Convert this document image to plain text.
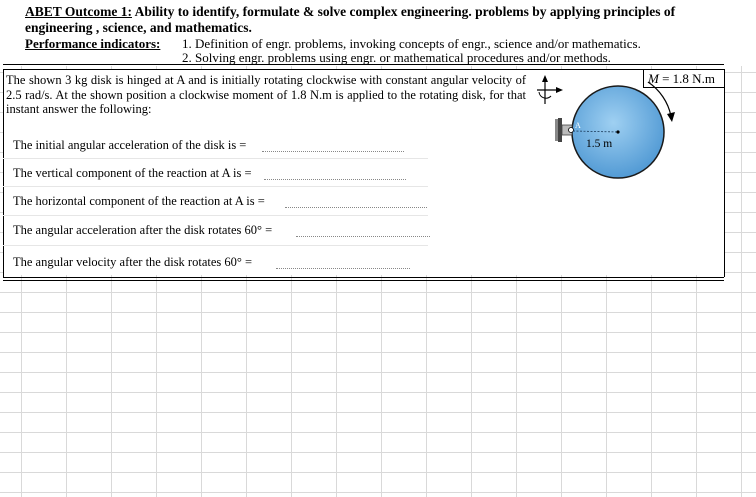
ABET Outcome 1: Ability to identify, formulate & solve complex engineering. problems by applying principles of
engineering , science, and mathematics.
Performance indicators: 1. Definition of engr. problems, invoking concepts of engr., science and/or mathematics.
2. Solving engr. problems using engr. or mathematical procedures and/or methods.
The shown 3 kg disk is hinged at A and is initially rotating clockwise with constant angular velocity of 2.5 rad/s. At the shown position a clockwise moment of 1.8 N.m is applied to the rotating disk, for that instant answer the following:
The initial angular acceleration of the disk is =
The vertical component of the reaction at A is =
The horizontal component of the reaction at A is =
The angular acceleration after the disk rotates 60° =
The angular velocity after the disk rotates 60° =
M = 1.8 N.m
A
1.5 m
